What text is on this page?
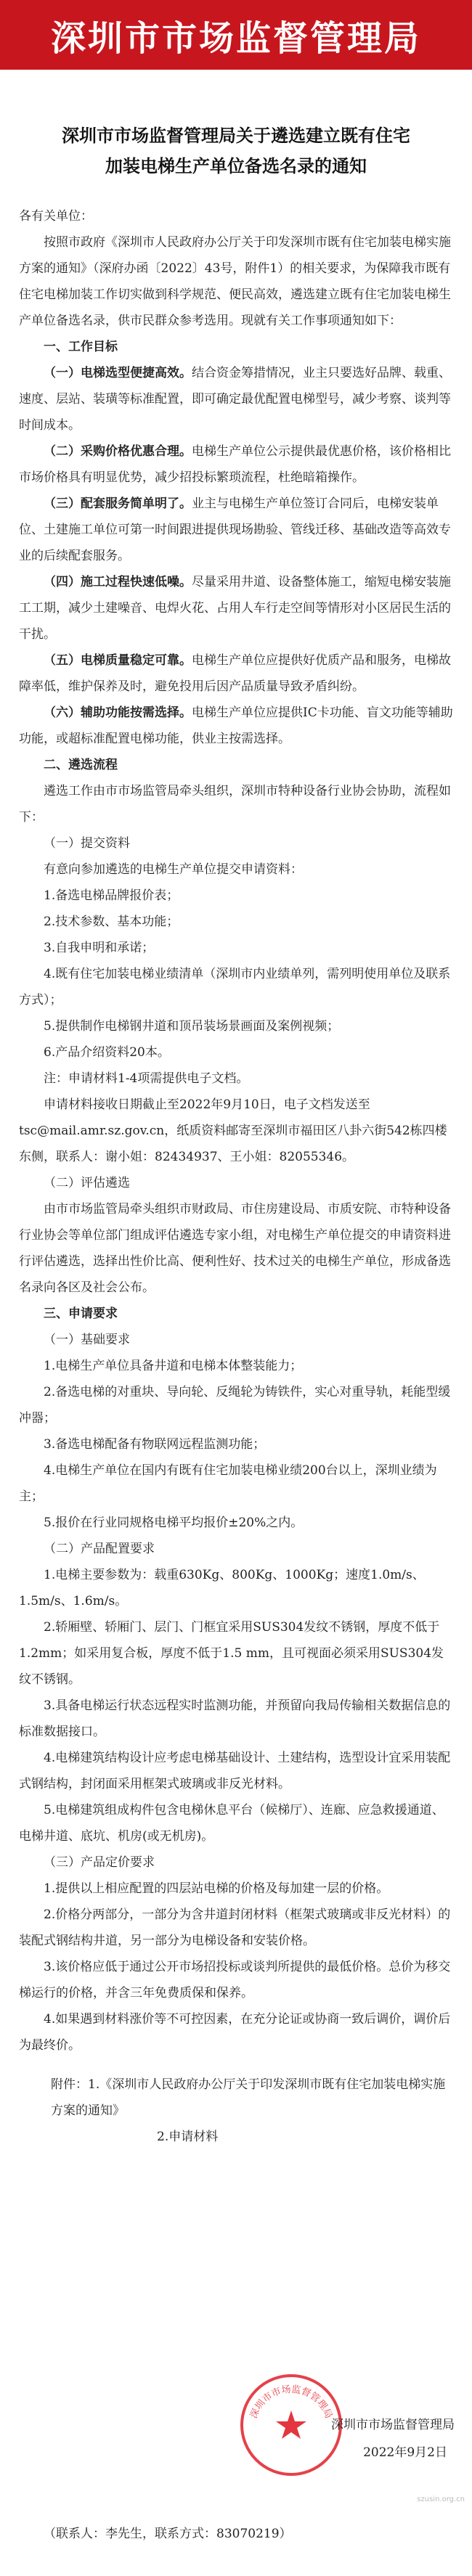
深圳市市场监督管理局
深圳市市场监督管理局关于遴选建立既有住宅
加装电梯生产单位备选名录的通知

各有关单位：

按照市政府《深圳市人民政府办公厅关于印发深圳市既有住宅加装电梯实施方案的通知》（深府办函〔2022〕43号，附件1）的相关要求，为保障我市既有住宅电梯加装工作切实做到科学规范、便民高效，遴选建立既有住宅加装电梯生产单位备选名录，供市民群众参考选用。现就有关工作事项通知如下：

一、工作目标

（一）电梯选型便捷高效。结合资金筹措情况，业主只要选好品牌、载重、速度、层站、装璜等标准配置，即可确定最优配置电梯型号，减少考察、谈判等时间成本。

（二）采购价格优惠合理。电梯生产单位公示提供最优惠价格，该价格相比市场价格具有明显优势，减少招投标繁琐流程，杜绝暗箱操作。

（三）配套服务简单明了。业主与电梯生产单位签订合同后，电梯安装单位、土建施工单位可第一时间跟进提供现场勘验、管线迁移、基础改造等高效专业的后续配套服务。

（四）施工过程快速低噪。尽量采用井道、设备整体施工，缩短电梯安装施工工期，减少土建噪音、电焊火花、占用人车行走空间等情形对小区居民生活的干扰。

（五）电梯质量稳定可靠。电梯生产单位应提供好优质产品和服务，电梯故障率低，维护保养及时，避免投用后因产品质量导致矛盾纠纷。

（六）辅助功能按需选择。电梯生产单位应提供IC卡功能、盲文功能等辅助功能，或超标准配置电梯功能，供业主按需选择。

二、遴选流程

遴选工作由市市场监管局牵头组织，深圳市特种设备行业协会协助，流程如下：

（一）提交资料

有意向参加遴选的电梯生产单位提交申请资料：

1.备选电梯品牌报价表；

2.技术参数、基本功能；

3.自我申明和承诺；

4.既有住宅加装电梯业绩清单（深圳市内业绩单列，需列明使用单位及联系方式）；

5.提供制作电梯钢井道和顶吊装场景画面及案例视频；

6.产品介绍资料20本。

注：申请材料1-4项需提供电子文档。

申请材料接收日期截止至2022年9月10日，电子文档发送至tsc@mail.amr.sz.gov.cn，纸质资料邮寄至深圳市福田区八卦六街542栋四楼东侧，联系人：谢小姐：82434937、王小姐：82055346。

（二）评估遴选

由市市场监管局牵头组织市财政局、市住房建设局、市质安院、市特种设备行业协会等单位部门组成评估遴选专家小组，对电梯生产单位提交的申请资料进行评估遴选，选择出性价比高、便利性好、技术过关的电梯生产单位，形成备选名录向各区及社会公布。

三、申请要求

（一）基础要求

1.电梯生产单位具备井道和电梯本体整装能力；

2.备选电梯的对重块、导向轮、反绳轮为铸铁件，实心对重导轨，耗能型缓冲器；

3.备选电梯配备有物联网远程监测功能；

4.电梯生产单位在国内有既有住宅加装电梯业绩200台以上，深圳业绩为主；

5.报价在行业同规格电梯平均报价±20%之内。

（二）产品配置要求

1.电梯主要参数为：载重630Kg、800Kg、1000Kg；速度1.0m/s、1.5m/s、1.6m/s。

2.轿厢壁、轿厢门、层门、门框宜采用SUS304发纹不锈钢，厚度不低于1.2mm；如采用复合板，厚度不低于1.5 mm，且可视面必须采用SUS304发纹不锈钢。

3.具备电梯运行状态远程实时监测功能，并预留向我局传输相关数据信息的标准数据接口。

4.电梯建筑结构设计应考虑电梯基础设计、土建结构，选型设计宜采用装配式钢结构，封闭面采用框架式玻璃或非反光材料。

5.电梯建筑组成构件包含电梯休息平台（候梯厅）、连廊、应急救援通道、电梯井道、底坑、机房(或无机房)。

（三）产品定价要求

1.提供以上相应配置的四层站电梯的价格及每加建一层的价格。

2.价格分两部分，一部分为含井道封闭材料（框架式玻璃或非反光材料）的装配式钢结构井道，另一部分为电梯设备和安装价格。

3.该价格应低于通过公开市场招投标或谈判所提供的最低价格。总价为移交梯运行的价格，并含三年免费质保和保养。

4.如果遇到材料涨价等不可控因素，在充分论证或协商一致后调价，调价后为最终价。

附件：1.《深圳市人民政府办公厅关于印发深圳市既有住宅加装电梯实施方案的通知》

2.申请材料

深圳市市场监督管理局
深圳市市场监督管理局
2022年9月2日
szusin.org.cn
（联系人：李先生，联系方式：83070219）
